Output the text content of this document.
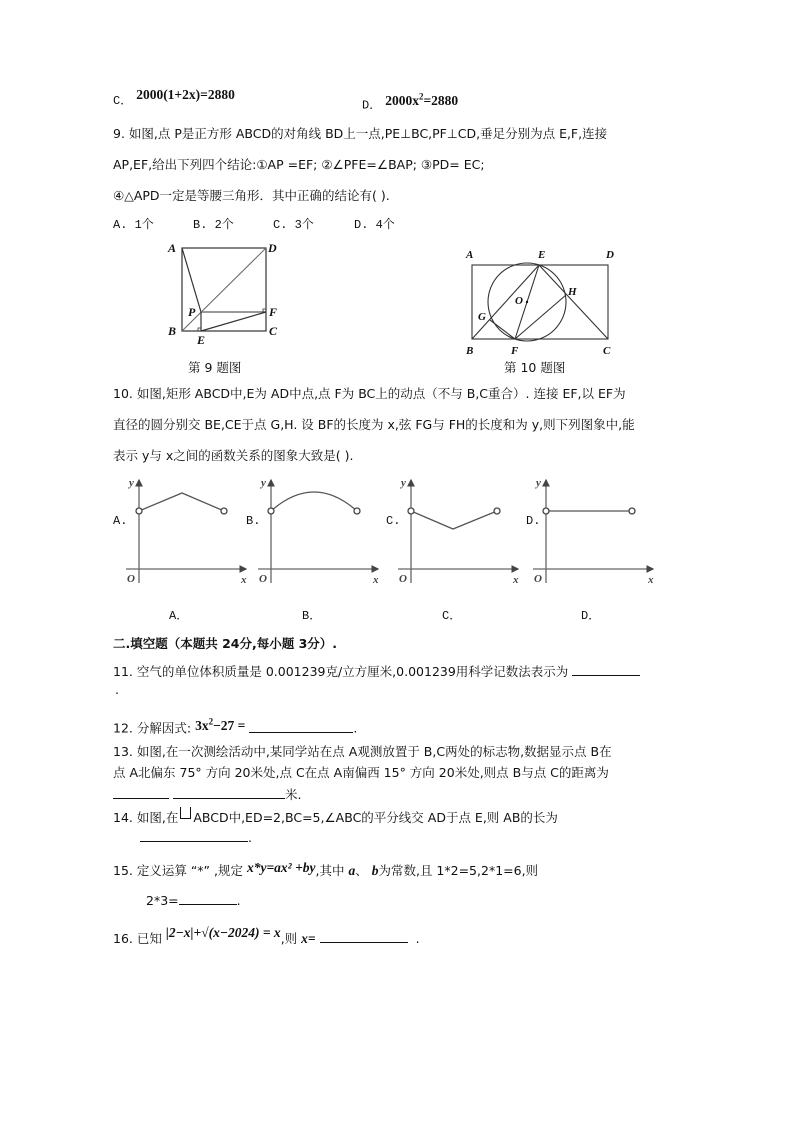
C． 2000(1+2x)=2880
D． $2000x^2=2880$
9. 如图,点 P是正方形 ABCD的对角线 BD上一点,PE⊥BC,PF⊥CD,垂足分别为点 E,F,连接
AP,EF,给出下列四个结论:①AP =EF; ②∠PFE=∠BAP; ③PD= EC;
④△APD一定是等腰三角形．其中正确的结论有( ).
A. 1个	B. 2个	C. 3个	D. 4个
A	D
P	F
B	C
E
第 9 题图
A	E	D
O
H
G
B	F	C
第 10 题图
10. 如图,矩形 ABCD中,E为 AD中点,点 F为 BC上的动点（不与 B,C重合）. 连接 EF,以 EF为
直径的圆分别交 BE,CE于点 G,H. 设 BF的长度为 x,弦 FG与 FH的长度和为 y,则下列图象中,能
表示 y与 x之间的函数关系的图象大致是( ).
y
x
O
y
x
O
y
x
O
y
x
O
A.	B.	C.	D.
A．	B．	C．	D．
二.填空题（本题共 24分,每小题 3分）.
11. 空气的单位体积质量是 0.001239克/立方厘米,0.001239用科学记数法表示为
.
12. 分解因式: $3x^2-27$ =	.
13. 如图,在一次测绘活动中,某同学站在点 A观测放置于 B,C两处的标志物,数据显示点 B在
点 A北偏东 75° 方向 20米处,点 C在点 A南偏西 15° 方向 20米处,则点 B与点 C的距离为
米.
14. 如图,在 ABCD中,ED=2,BC=5,∠ABC的平分线交 AD于点 E,则 AB的长为
.
15. 定义运算 “*” ,规定 x*y=ax² +by,其中 a、 b为常数,且 1*2=5,2*1=6,则
2*3=	.
16. 已知 |2−x|+√(x−2024) = x,则 x=	.
